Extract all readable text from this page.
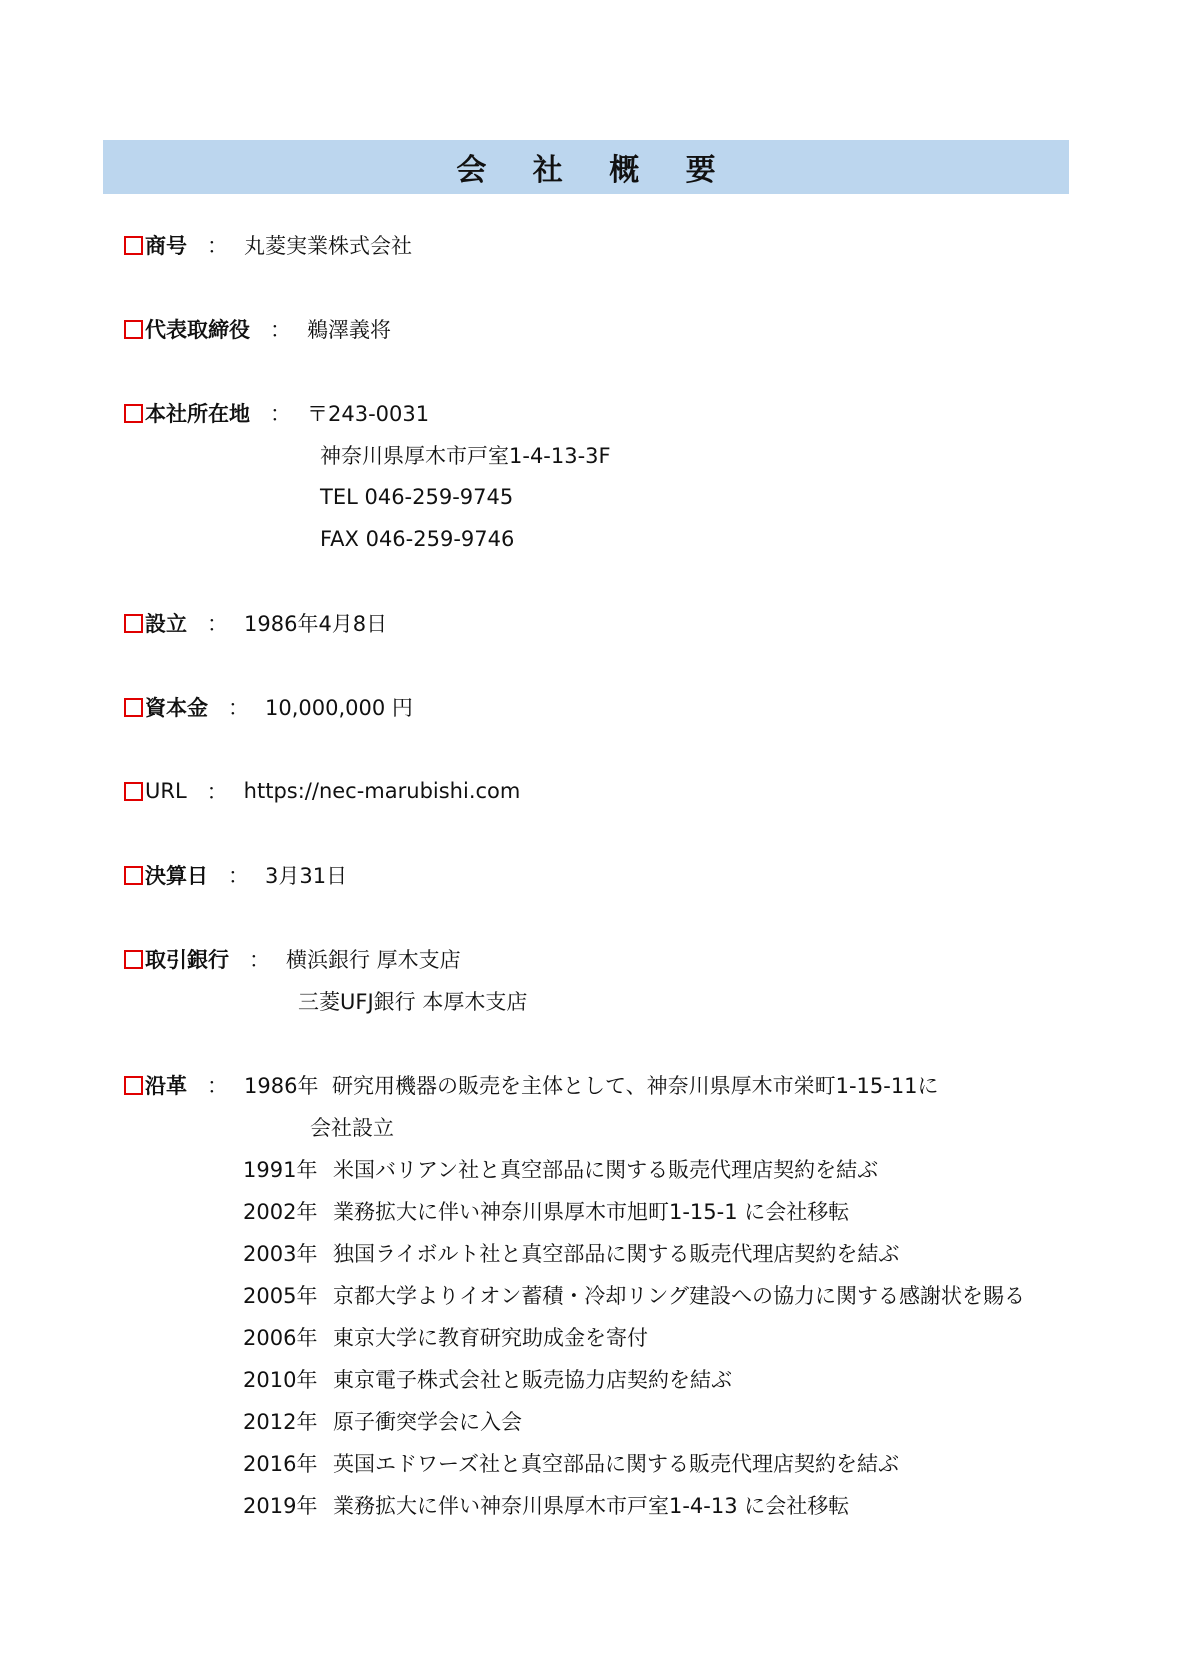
会 社 概 要
商号 ： 丸菱実業株式会社
代表取締役 ： 鵜澤義将
本社所在地 ： 〒243-0031
神奈川県厚木市戸室1-4-13-3F
TEL 046-259-9745
FAX 046-259-9746
設立 ： 1986年4月8日
資本金 ： 10,000,000 円
URL ： https://nec-marubishi.com
決算日 ： 3月31日
取引銀行 ： 横浜銀行 厚木支店
三菱UFJ銀行 本厚木支店
沿革 ： 1986年 研究用機器の販売を主体として、神奈川県厚木市栄町1-15-11に
会社設立
1991年 米国バリアン社と真空部品に関する販売代理店契約を結ぶ
2002年 業務拡大に伴い神奈川県厚木市旭町1-15-1 に会社移転
2003年 独国ライボルト社と真空部品に関する販売代理店契約を結ぶ
2005年 京都大学よりイオン蓄積・冷却リング建設への協力に関する感謝状を賜る
2006年 東京大学に教育研究助成金を寄付
2010年 東京電子株式会社と販売協力店契約を結ぶ
2012年 原子衝突学会に入会
2016年 英国エドワーズ社と真空部品に関する販売代理店契約を結ぶ
2019年 業務拡大に伴い神奈川県厚木市戸室1-4-13 に会社移転
